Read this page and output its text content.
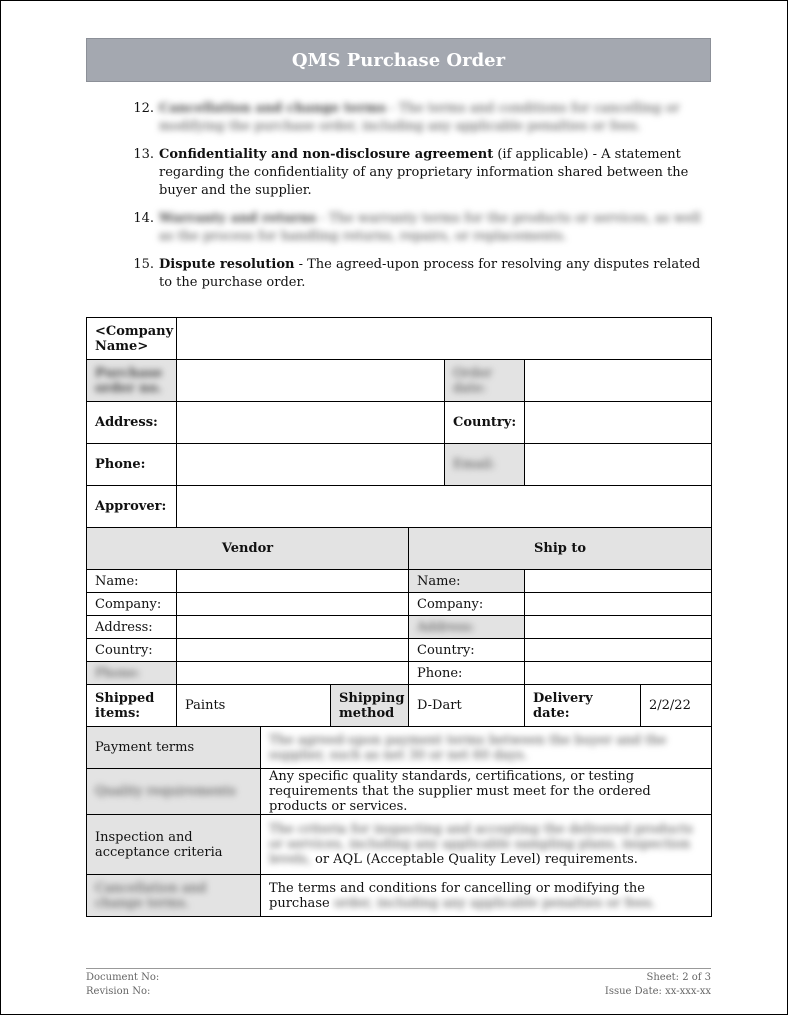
QMS Purchase Order
12. Cancellation and change terms - The terms and conditions for cancelling or modifying the purchase order, including any applicable penalties or fees.
13. Confidentiality and non-disclosure agreement (if applicable) - A statement regarding the confidentiality of any proprietary information shared between the buyer and the supplier.
14. Warranty and returns - The warranty terms for the products or services, as well as the process for handling returns, repairs, or replacements.
15. Dispute resolution - The agreed-upon process for resolving any disputes related to the purchase order.
<Company Name>							
Purchase order no.					Order date:		
Address:					Country:		
Phone:					Email:		
Approver:							
Vendor				Ship to			
Name:				Name:			
Company:				Company:			
Address:				Address:			
Country:				Country:			
Phone:				Phone:			
Shipped items:	Paints		Shipping method	D-Dart		Delivery date:	2/2/22
Payment terms		The agreed-upon payment terms between the buyer and the supplier, such as net 30 or net 60 days.					
Quality requirements		Any specific quality standards, certifications, or testing requirements that the supplier must meet for the ordered products or services.					
Inspection and acceptance criteria		The criteria for inspecting and accepting the delivered products or services, including any applicable sampling plans, inspection levels, or AQL (Acceptable Quality Level) requirements.					
Cancellation and change terms.		The terms and conditions for cancelling or modifying the purchase order, including any applicable penalties or fees.					
Document No:
Revision No:
Sheet: 2 of 3
Issue Date: xx-xxx-xx
